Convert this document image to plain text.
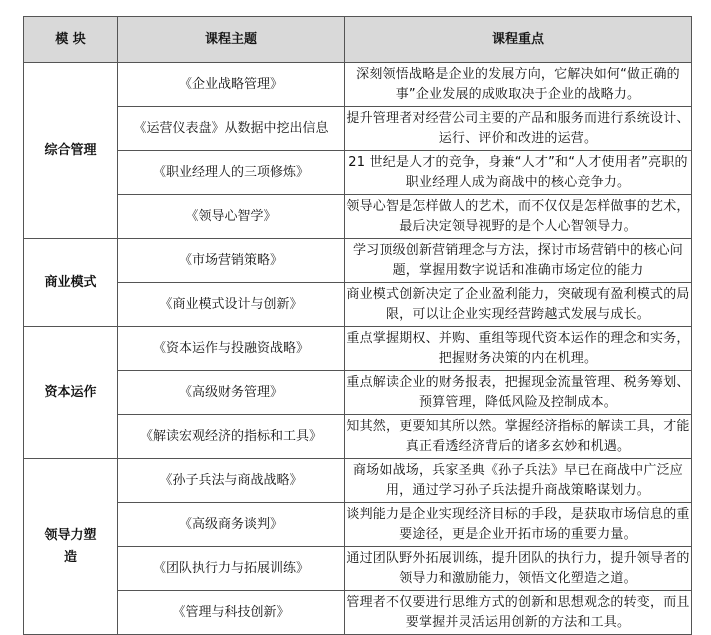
模 块	课程主题	课程重点
综合管理	《企业战略管理》	深刻领悟战略是企业的发展方向，它解决如何“做正确的事”企业发展的成败取决于企业的战略力。
	《运营仪表盘》从数据中挖出信息	提升管理者对经营公司主要的产品和服务而进行系统设计、运行、评价和改进的运营。
	《职业经理人的三项修炼》	21 世纪是人才的竞争，身兼“人才”和“人才使用者”亮职的职业经理人成为商战中的核心竞争力。
	《领导心智学》	领导心智是怎样做人的艺术，而不仅仅是怎样做事的艺术，最后决定领导视野的是个人心智领导力。
商业模式	《市场营销策略》	学习顶级创新营销理念与方法，探讨市场营销中的核心问题，掌握用数字说话和准确市场定位的能力
	《商业模式设计与创新》	商业模式创新决定了企业盈利能力，突破现有盈利模式的局限，可以让企业实现经营跨越式发展与成长。
资本运作	《资本运作与投融资战略》	重点掌握期权、并购、重组等现代资本运作的理念和实务，把握财务决策的内在机理。
	《高级财务管理》	重点解读企业的财务报表，把握现金流量管理、税务筹划、预算管理，降低风险及控制成本。
	《解读宏观经济的指标和工具》	知其然，更要知其所以然。掌握经济指标的解读工具，才能真正看透经济背后的诸多玄妙和机遇。
领导力塑造	《孙子兵法与商战战略》	商场如战场，兵家圣典《孙子兵法》早已在商战中广泛应用，通过学习孙子兵法提升商战策略谋划力。
	《高级商务谈判》	谈判能力是企业实现经济目标的手段，是获取市场信息的重要途径，更是企业开拓市场的重要力量。
	《团队执行力与拓展训练》	通过团队野外拓展训练，提升团队的执行力，提升领导者的领导力和激励能力，领悟文化塑造之道。
	《管理与科技创新》	管理者不仅要进行思维方式的创新和思想观念的转变，而且要掌握并灵活运用创新的方法和工具。
